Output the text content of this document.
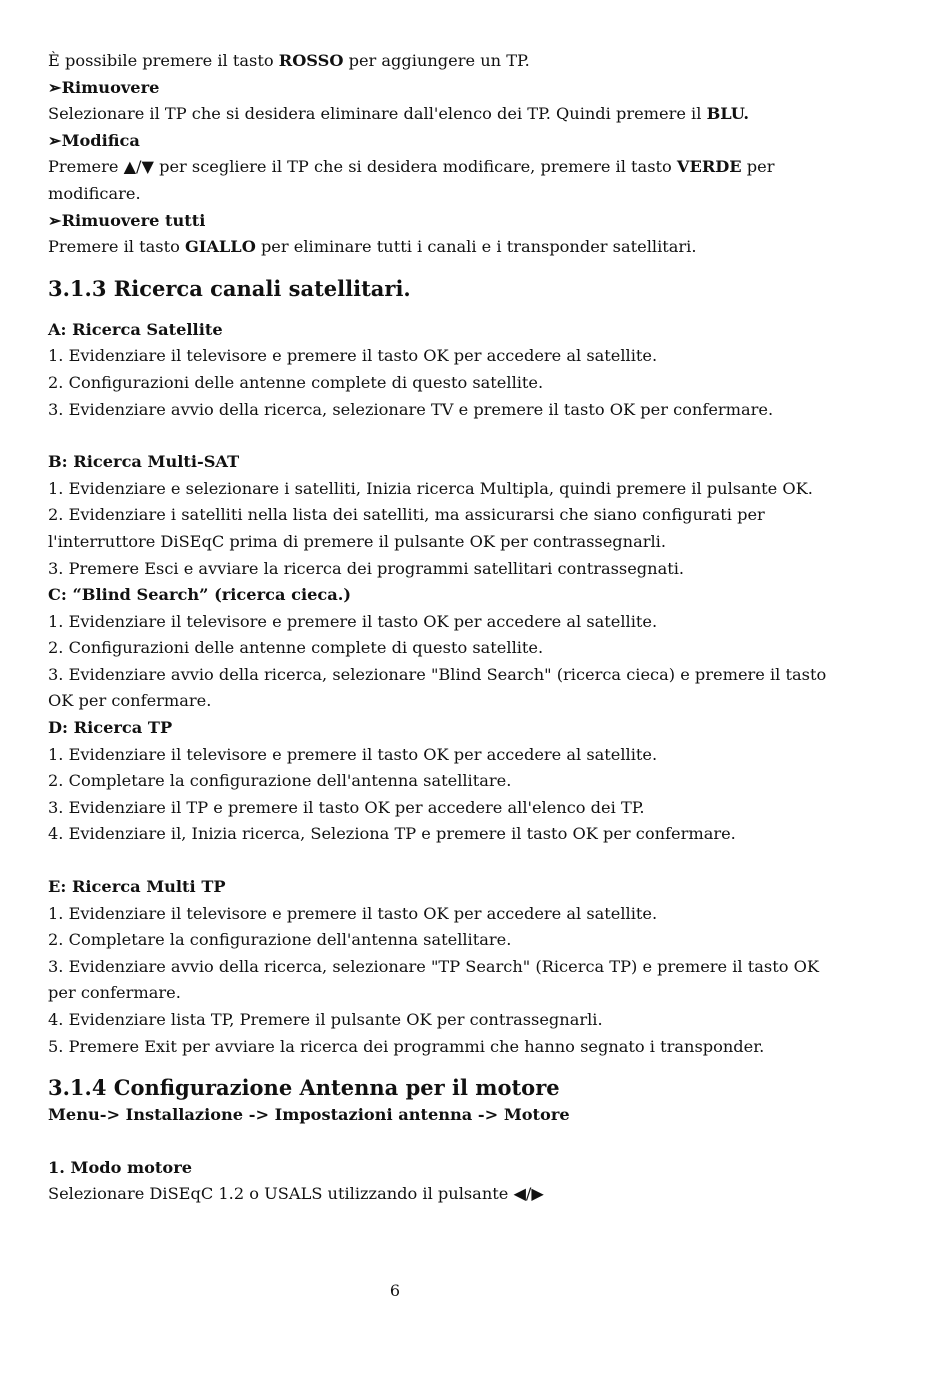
È possibile premere il tasto ROSSO per aggiungere un TP.

➢Rimuovere

Selezionare il TP che si desidera eliminare dall'elenco dei TP. Quindi premere il BLU.

➢Modifica

Premere ▲/▼ per scegliere il TP che si desidera modificare, premere il tasto VERDE per

modificare.

➢Rimuovere tutti

Premere il tasto GIALLO per eliminare tutti i canali e i transponder satellitari.

3.1.3 Ricerca canali satellitari.

A: Ricerca Satellite

1. Evidenziare il televisore e premere il tasto OK per accedere al satellite.

2. Configurazioni delle antenne complete di questo satellite.

3. Evidenziare avvio della ricerca, selezionare TV e premere il tasto OK per confermare.

B: Ricerca Multi-SAT

1. Evidenziare e selezionare i satelliti, Inizia ricerca Multipla, quindi premere il pulsante OK.

2. Evidenziare i satelliti nella lista dei satelliti, ma assicurarsi che siano configurati per

l'interruttore DiSEqC prima di premere il pulsante OK per contrassegnarli.

3. Premere Esci e avviare la ricerca dei programmi satellitari contrassegnati.

C: “Blind Search” (ricerca cieca.)

1. Evidenziare il televisore e premere il tasto OK per accedere al satellite.

2. Configurazioni delle antenne complete di questo satellite.

3. Evidenziare avvio della ricerca, selezionare "Blind Search" (ricerca cieca) e premere il tasto

OK per confermare.

D: Ricerca TP

1. Evidenziare il televisore e premere il tasto OK per accedere al satellite.

2. Completare la configurazione dell'antenna satellitare.

3. Evidenziare il TP e premere il tasto OK per accedere all'elenco dei TP.

4. Evidenziare il, Inizia ricerca, Seleziona TP e premere il tasto OK per confermare.

E: Ricerca Multi TP

1. Evidenziare il televisore e premere il tasto OK per accedere al satellite.

2. Completare la configurazione dell'antenna satellitare.

3. Evidenziare avvio della ricerca, selezionare "TP Search" (Ricerca TP) e premere il tasto OK

per confermare.

4. Evidenziare lista TP, Premere il pulsante OK per contrassegnarli.

5. Premere Exit per avviare la ricerca dei programmi che hanno segnato i transponder.

3.1.4 Configurazione Antenna per il motore

Menu-> Installazione -> Impostazioni antenna -> Motore

1. Modo motore

Selezionare DiSEqC 1.2 o USALS utilizzando il pulsante ◀/▶

6
